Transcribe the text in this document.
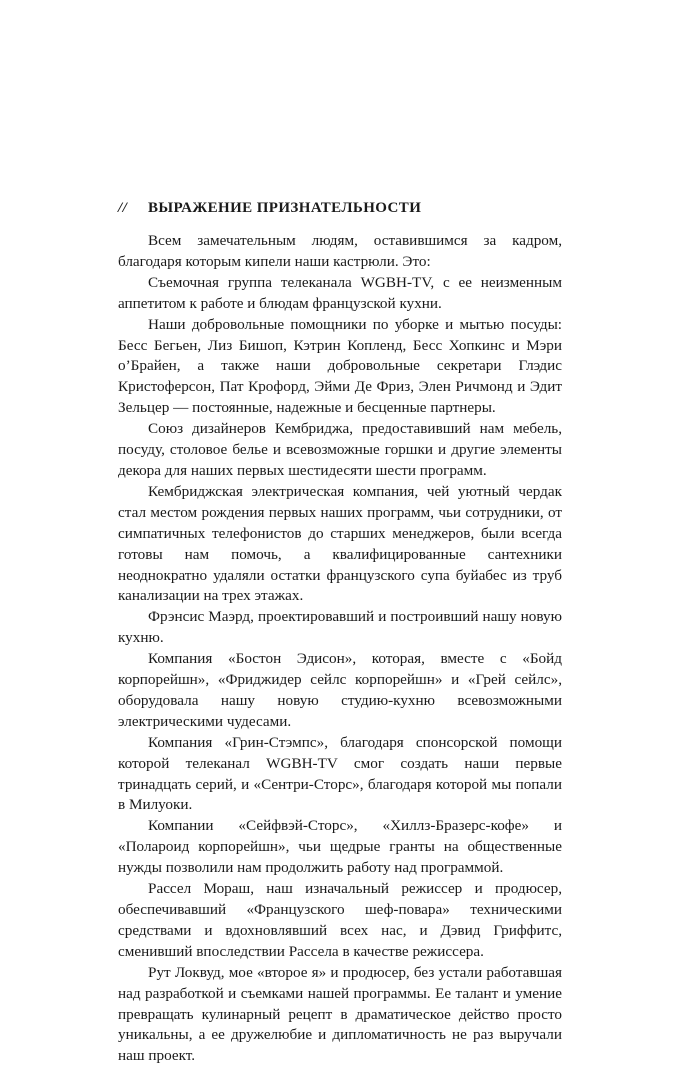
//	ВЫРАЖЕНИЕ ПРИЗНАТЕЛЬНОСТИ

Всем замечательным людям, оставившимся за кадром, благодаря которым кипели наши кастрюли. Это:

Съемочная группа телеканала WGBH-TV, с ее неизменным аппетитом к работе и блюдам французской кухни.

Наши добровольные помощники по уборке и мытью посуды: Бесс Бегьен, Лиз Бишоп, Кэтрин Копленд, Бесс Хопкинс и Мэри о’Брайен, а также наши добровольные секретари Глэдис Кристоферсон, Пат Крофорд, Эйми Де Фриз, Элен Ричмонд и Эдит Зельцер — постоянные, надежные и бесценные партнеры.

Союз дизайнеров Кембриджа, предоставивший нам мебель, посуду, столовое белье и всевозможные горшки и другие элементы декора для наших первых шестидесяти шести программ.

Кембриджская электрическая компания, чей уютный чердак стал местом рождения первых наших программ, чьи сотрудники, от симпатичных телефонистов до старших менеджеров, были всегда готовы нам помочь, а квалифицированные сантехники неоднократно удаляли остатки французского супа буйабес из труб канализации на трех этажах.

Фрэнсис Маэрд, проектировавший и построивший нашу новую кухню.

Компания «Бостон Эдисон», которая, вместе с «Бойд корпорейшн», «Фриджидер сейлс корпорейшн» и «Грей сейлс», оборудовала нашу новую студию-кухню всевозможными электрическими чудесами.

Компания «Грин-Стэмпс», благодаря спонсорской помощи которой телеканал WGBH-TV смог создать наши первые тринадцать серий, и «Сентри-Сторс», благодаря которой мы попали в Милуоки.

Компании «Сейфвэй-Сторс», «Хиллз-Бразерс-кофе» и «Полароид корпорейшн», чьи щедрые гранты на общественные нужды позволили нам продолжить работу над программой.

Рассел Мораш, наш изначальный режиссер и продюсер, обеспечивавший «Французского шеф-повара» техническими средствами и вдохновлявший всех нас, и Дэвид Гриффитс, сменивший впоследствии Рассела в качестве режиссера.

Рут Локвуд, мое «второе я» и продюсер, без устали работавшая над разработкой и съемками нашей программы. Ее талант и умение превращать кулинарный рецепт в драматическое действо просто уникальны, а ее дружелюбие и дипломатичность не раз выручали наш проект.
